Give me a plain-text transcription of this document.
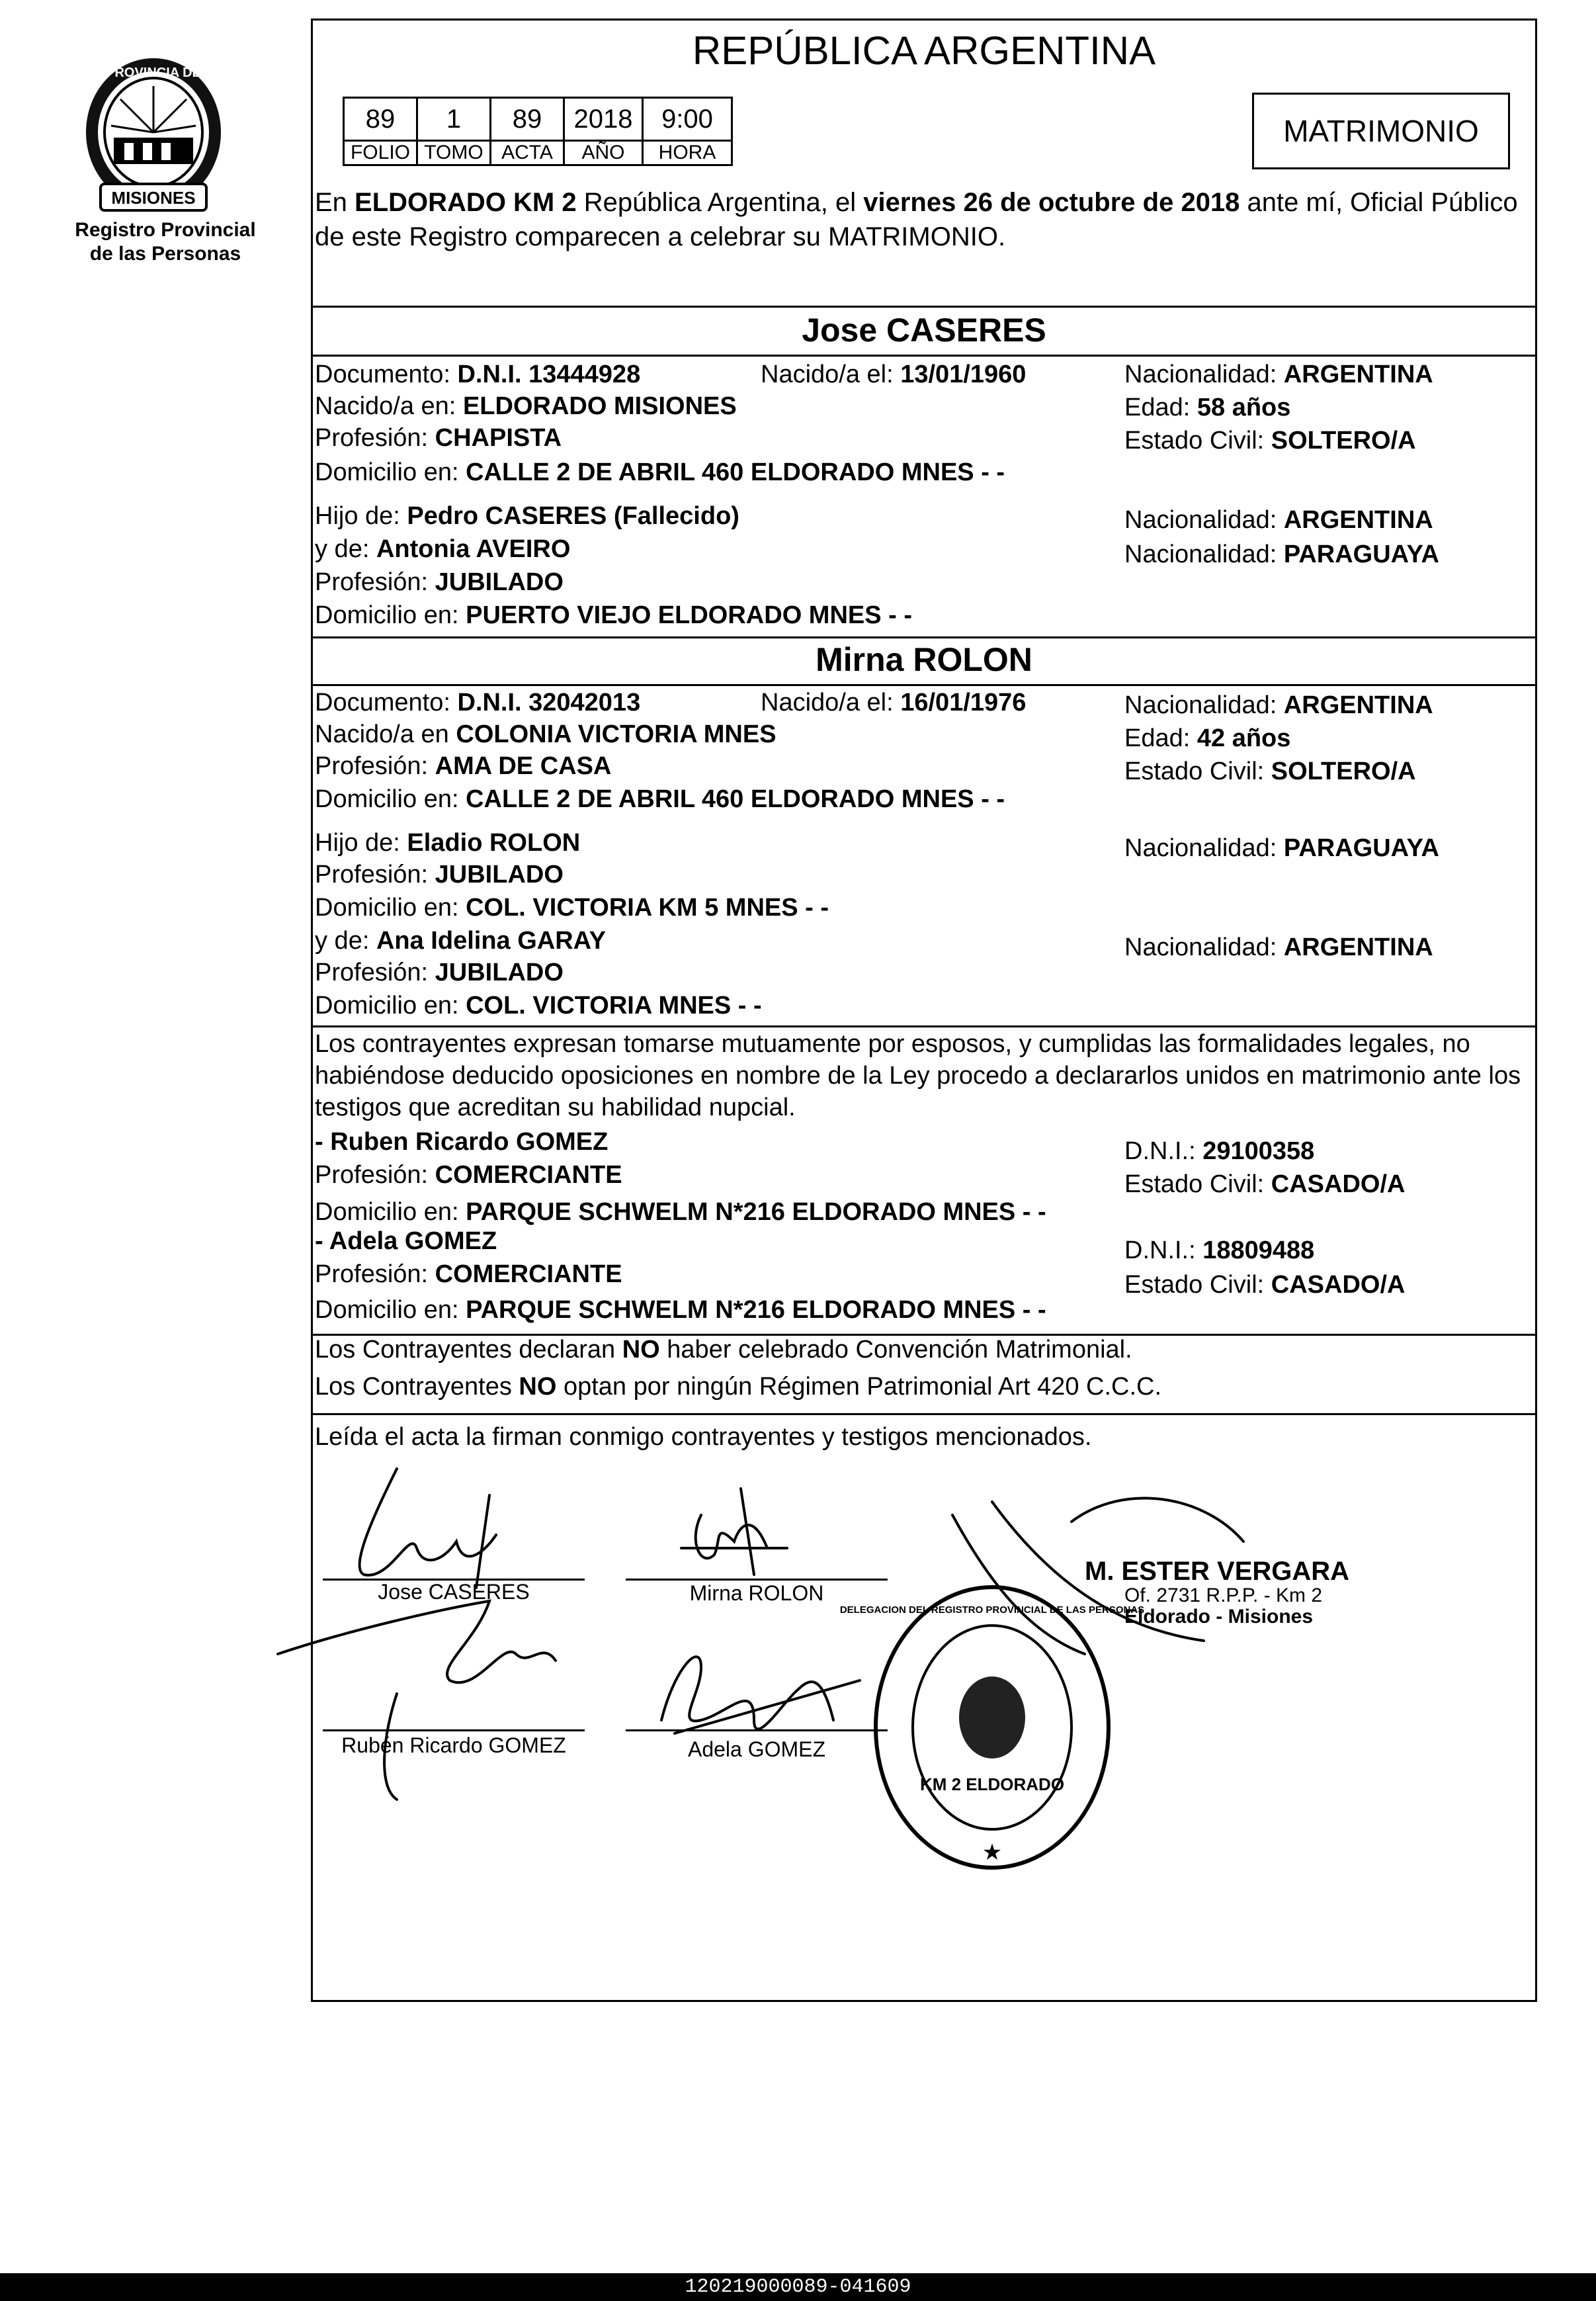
MISIONES
PROVINCIA DE
Registro Provincial
de las Personas
REPÚBLICA ARGENTINA
89	1	89	2018	9:00
FOLIO	TOMO	ACTA	AÑO	HORA
MATRIMONIO
En ELDORADO KM 2 República Argentina, el viernes 26 de octubre de 2018 ante mí, Oficial Público de este Registro comparecen a celebrar su MATRIMONIO.
Jose CASERES
Documento: D.N.I. 13444928	Nacido/a el: 13/01/1960	Nacionalidad: ARGENTINA
Nacido/a en: ELDORADO MISIONES	Edad: 58 años
Profesión: CHAPISTA	Estado Civil: SOLTERO/A
Domicilio en: CALLE 2 DE ABRIL 460 ELDORADO MNES - -
Hijo de: Pedro CASERES (Fallecido)	Nacionalidad: ARGENTINA
y de: Antonia AVEIRO	Nacionalidad: PARAGUAYA
Profesión: JUBILADO
Domicilio en: PUERTO VIEJO ELDORADO MNES - -
Mirna ROLON
Documento: D.N.I. 32042013	Nacido/a el: 16/01/1976	Nacionalidad: ARGENTINA
Nacido/a en COLONIA VICTORIA MNES	Edad: 42 años
Profesión: AMA DE CASA	Estado Civil: SOLTERO/A
Domicilio en: CALLE 2 DE ABRIL 460 ELDORADO MNES - -
Hijo de: Eladio ROLON	Nacionalidad: PARAGUAYA
Profesión: JUBILADO
Domicilio en: COL. VICTORIA KM 5 MNES - -
y de: Ana Idelina GARAY	Nacionalidad: ARGENTINA
Profesión: JUBILADO
Domicilio en: COL. VICTORIA MNES - -
Los contrayentes expresan tomarse mutuamente por esposos, y cumplidas las formalidades legales, no habiéndose deducido oposiciones en nombre de la Ley procedo a declararlos unidos en matrimonio ante los testigos que acreditan su habilidad nupcial.
- Ruben Ricardo GOMEZ	D.N.I.: 29100358
Profesión: COMERCIANTE	Estado Civil: CASADO/A
Domicilio en: PARQUE SCHWELM N*216 ELDORADO MNES - -
- Adela GOMEZ	D.N.I.: 18809488
Profesión: COMERCIANTE	Estado Civil: CASADO/A
Domicilio en: PARQUE SCHWELM N*216 ELDORADO MNES - -
Los Contrayentes declaran NO haber celebrado Convención Matrimonial.
Los Contrayentes NO optan por ningún Régimen Patrimonial Art 420 C.C.C.
Leída el acta la firman conmigo contrayentes y testigos mencionados.
Jose CASERES	Mirna ROLON
Rubén Ricardo GOMEZ	Adela GOMEZ
KM 2 ELDORADO
DELEGACION DEL REGISTRO PROVINCIAL DE LAS PERSONAS
★
M. ESTER VERGARA
Of. 2731 R.P.P. - Km 2
Eldorado - Misiones
120219000089-041609
